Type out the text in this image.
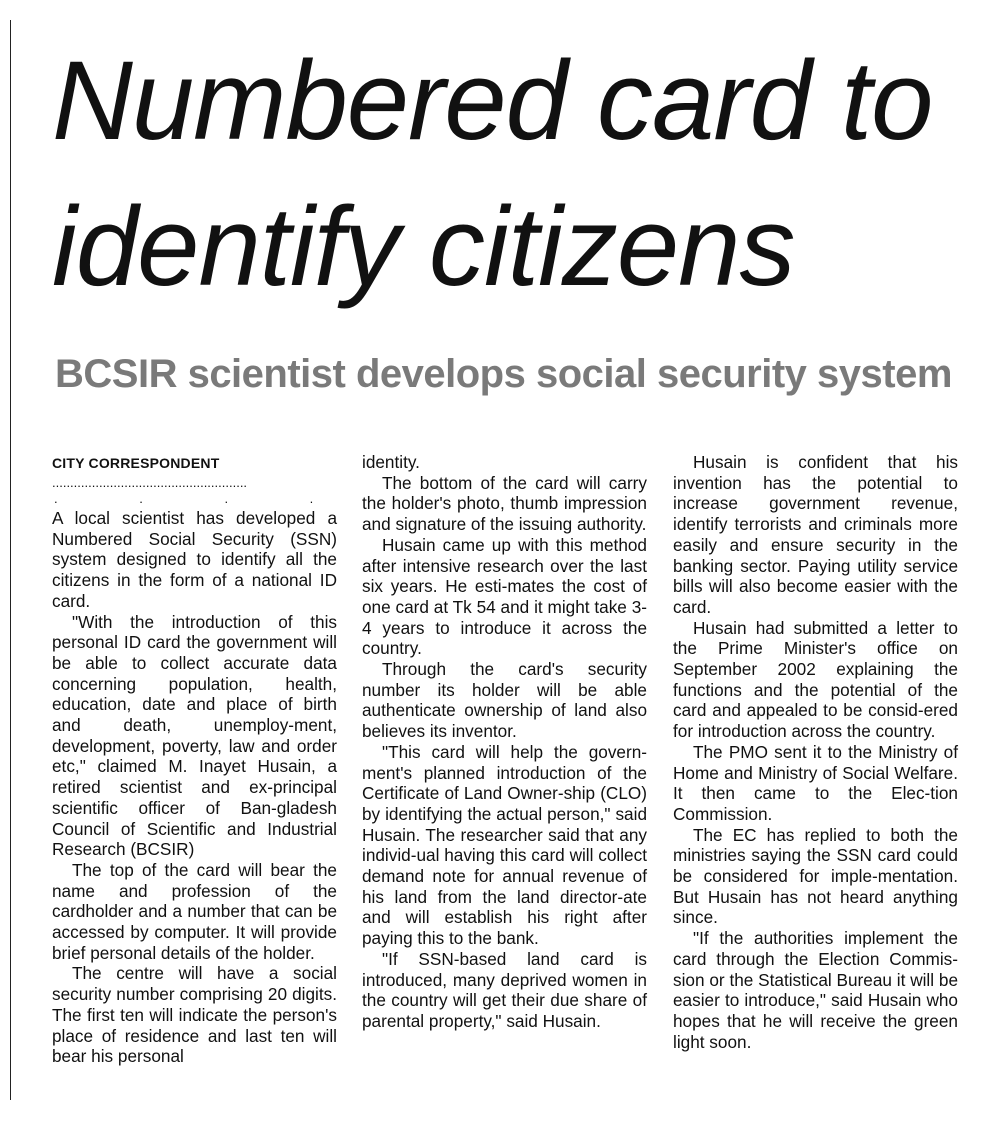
Numbered card to
identify citizens
BCSIR scientist develops social security system
CITY CORRESPONDENT
......................................................
. . . .

A local scientist has developed a Numbered Social Security (SSN) system designed to identify all the citizens in the form of a national ID card.

"With the introduction of this personal ID card the government will be able to collect accurate data concerning population, health, education, date and place of birth and death, unemploy-ment, development, poverty, law and order etc," claimed M. Inayet Husain, a retired scientist and ex-principal scientific officer of Ban-gladesh Council of Scientific and Industrial Research (BCSIR)

The top of the card will bear the name and profession of the cardholder and a number that can be accessed by computer. It will provide brief personal details of the holder.

The centre will have a social security number comprising 20 digits. The first ten will indicate the person's place of residence and last ten will bear his personal

identity.

The bottom of the card will carry the holder's photo, thumb impression and signature of the issuing authority.

Husain came up with this method after intensive research over the last six years. He esti-mates the cost of one card at Tk 54 and it might take 3-4 years to introduce it across the country.

Through the card's security number its holder will be able authenticate ownership of land also believes its inventor.

"This card will help the govern-ment's planned introduction of the Certificate of Land Owner-ship (CLO) by identifying the actual person," said Husain. The researcher said that any individ-ual having this card will collect demand note for annual revenue of his land from the land director-ate and will establish his right after paying this to the bank.

"If SSN-based land card is introduced, many deprived women in the country will get their due share of parental property," said Husain.

Husain is confident that his invention has the potential to increase government revenue, identify terrorists and criminals more easily and ensure security in the banking sector. Paying utility service bills will also become easier with the card.

Husain had submitted a letter to the Prime Minister's office on September 2002 explaining the functions and the potential of the card and appealed to be consid-ered for introduction across the country.

The PMO sent it to the Ministry of Home and Ministry of Social Welfare. It then came to the Elec-tion Commission.

The EC has replied to both the ministries saying the SSN card could be considered for imple-mentation. But Husain has not heard anything since.

"If the authorities implement the card through the Election Commis-sion or the Statistical Bureau it will be easier to introduce," said Husain who hopes that he will receive the green light soon.
